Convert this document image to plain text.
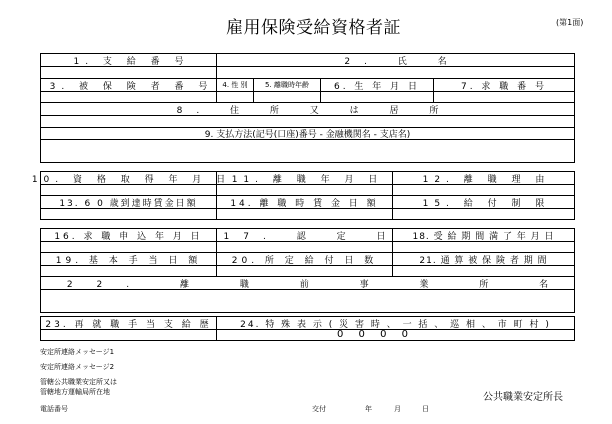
雇用保険受給資格者証	(第1面)
1. 支 給 番 号	2. 氏 名
3. 被 保 険 者 番 号	4. 性 別	5. 離職時年齢	6. 生 年 月 日	7. 求 職 番 号
8. 住 所 又 は 居 所
9. 支払方法(記号(口座)番号 - 金融機関名 - 支店名)
10. 資 格 取 得 年 月 日 11. 離 職 年 月 日	12. 離 職 理 由
13. 6 0 歳到達時賃金日額	14. 離 職 時 賃 金 日 額	15. 給 付 制 限
16. 求 職 申 込 年 月 日	17. 認 定 日	18. 受 給 期 間 満 了 年 月 日
19. 基 本 手 当 日 額	20. 所 定 給 付 日 数	21. 通 算 被 保 険 者 期 間
22. 離 職 前 事 業 所 名
23. 再 就 職 手 当 支 給 歴	24. 特 殊 表 示 ( 災 害 時 、 一 括 、 巡 相 、 市 町 村 )
0 0 0 0
安定所連絡メッセージ1
安定所連絡メッセージ2
管轄公共職業安定所又は
管轄地方運輸局所在地
電話番号	交付	年	月	日
公共職業安定所長
